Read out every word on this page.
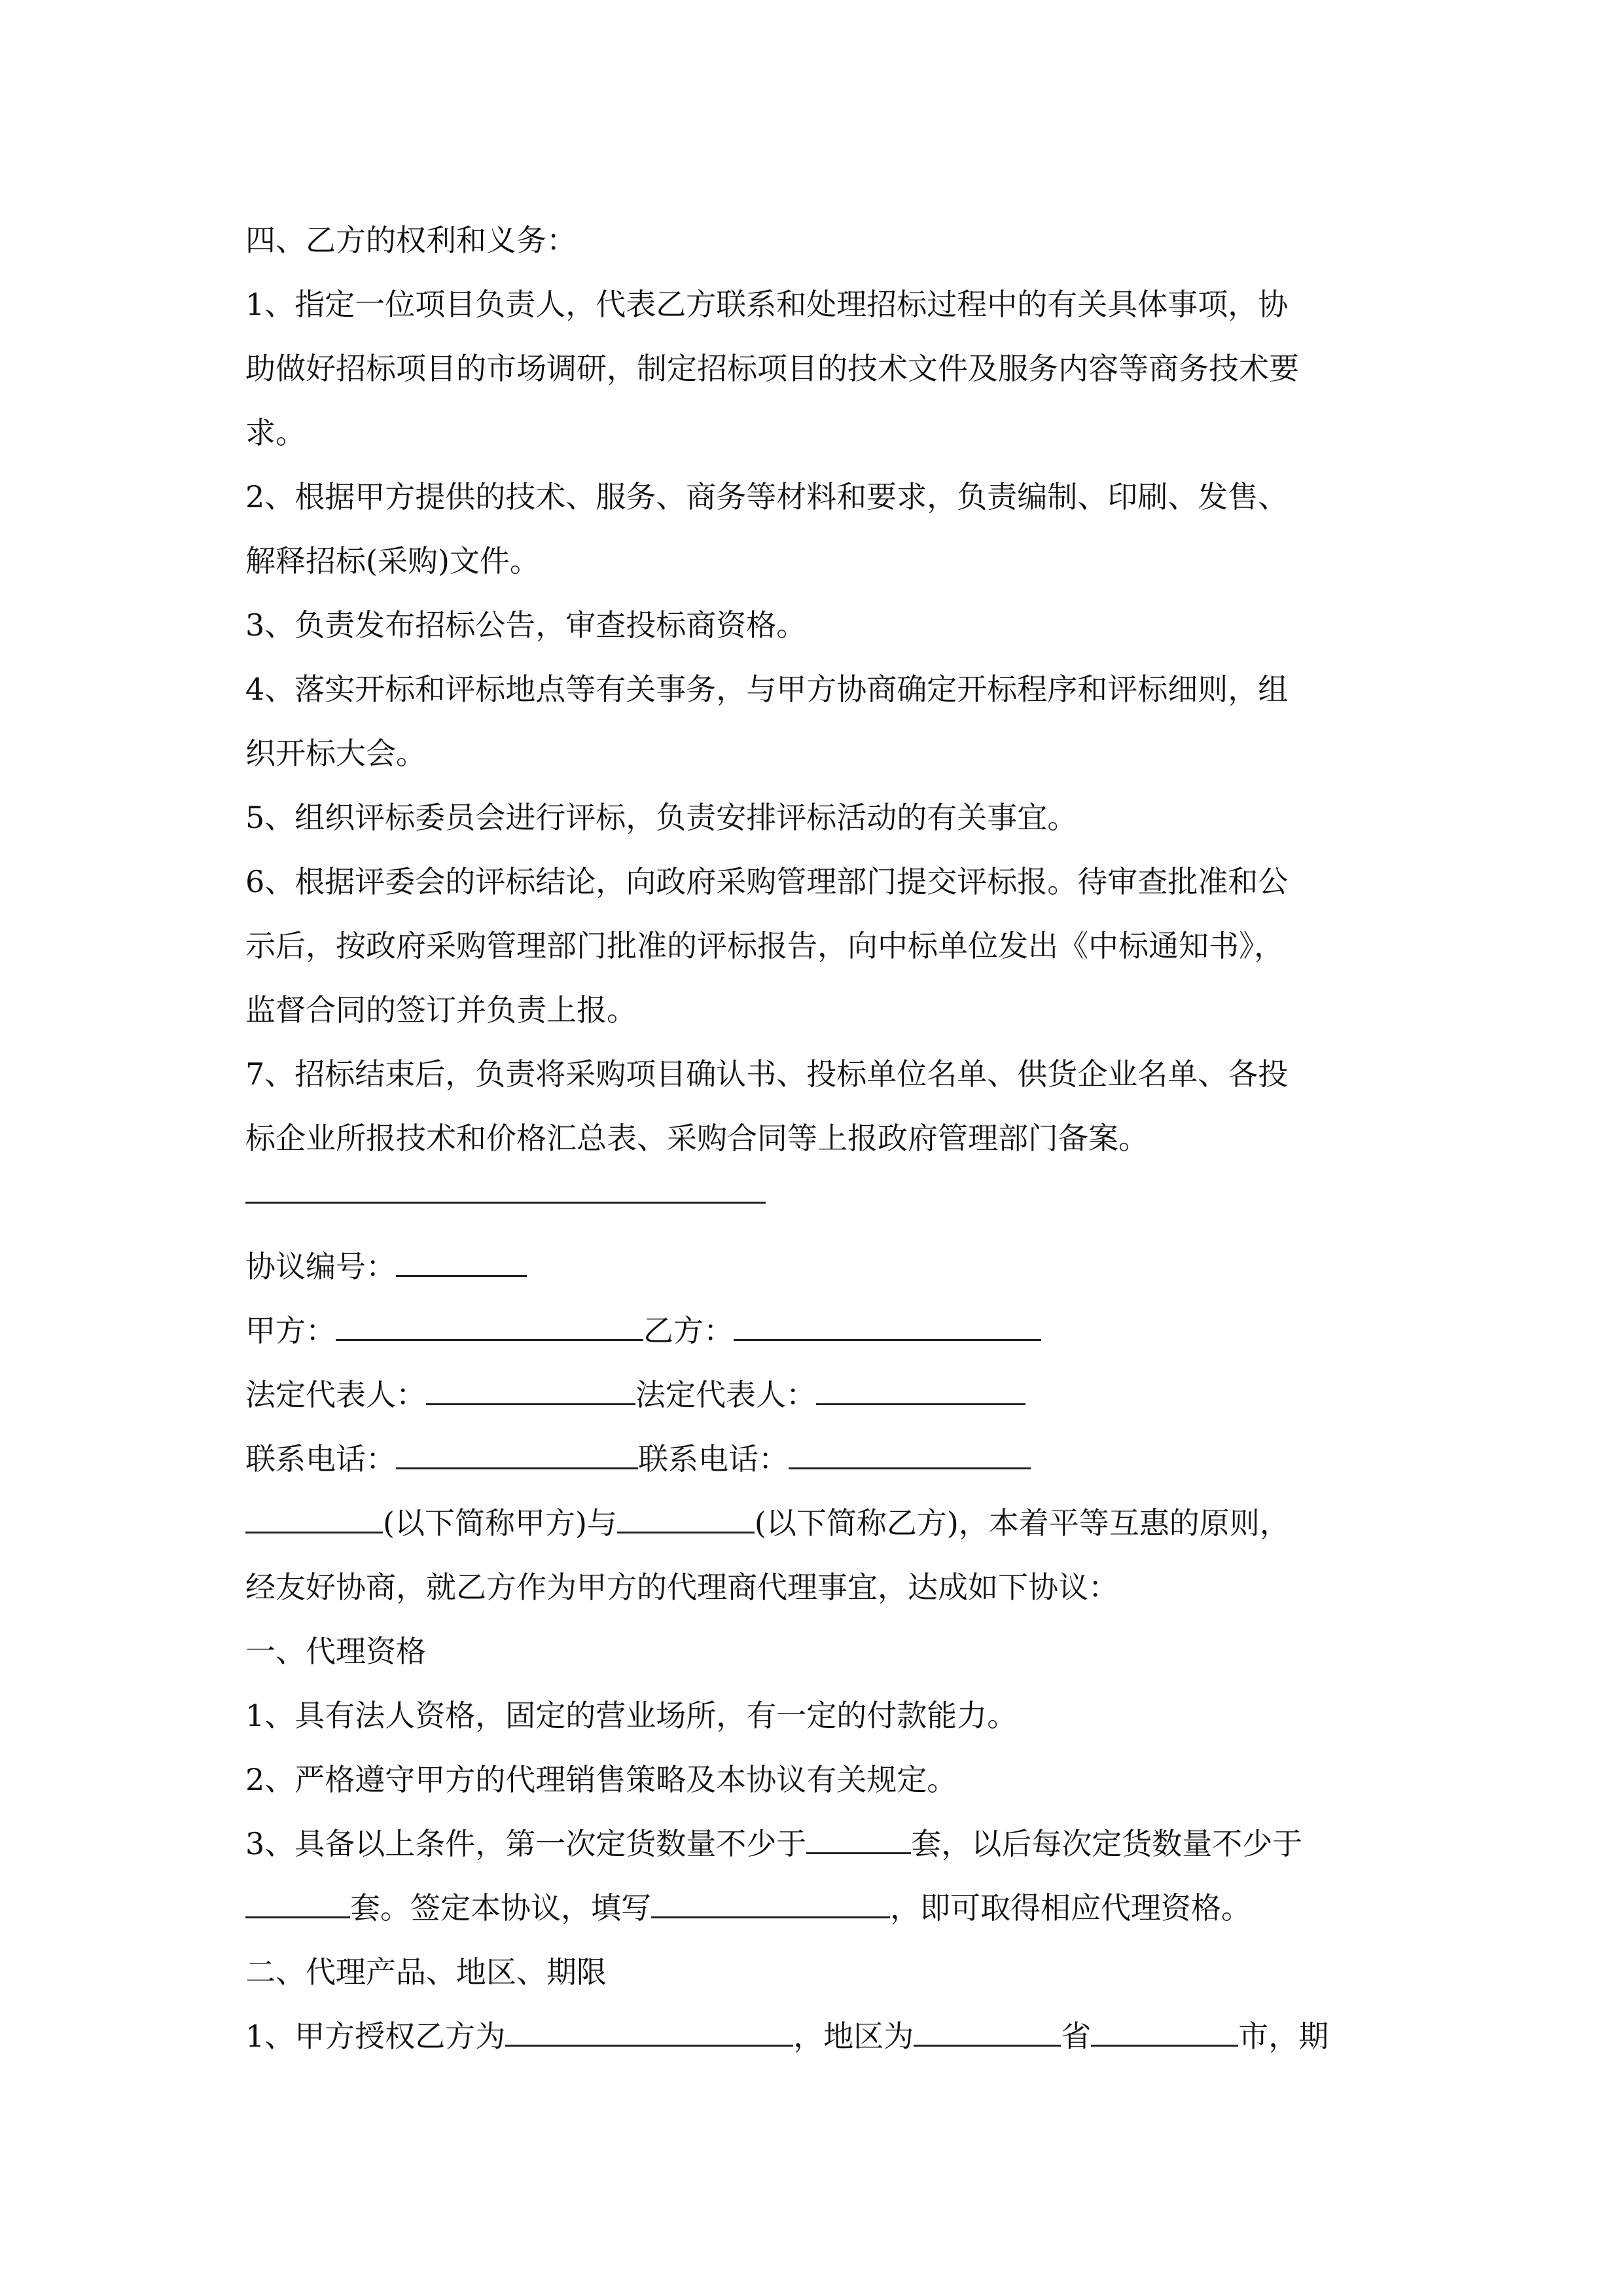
四、乙方的权利和义务：
1、指定一位项目负责人，代表乙方联系和处理招标过程中的有关具体事项，协
助做好招标项目的市场调研，制定招标项目的技术文件及服务内容等商务技术要
求。
2、根据甲方提供的技术、服务、商务等材料和要求，负责编制、印刷、发售、
解释招标(采购)文件。
3、负责发布招标公告，审查投标商资格。
4、落实开标和评标地点等有关事务，与甲方协商确定开标程序和评标细则，组
织开标大会。
5、组织评标委员会进行评标，负责安排评标活动的有关事宜。
6、根据评委会的评标结论，向政府采购管理部门提交评标报。待审查批准和公
示后，按政府采购管理部门批准的评标报告，向中标单位发出《中标通知书》，
监督合同的签订并负责上报。
7、招标结束后，负责将采购项目确认书、投标单位名单、供货企业名单、各投
标企业所报技术和价格汇总表、采购合同等上报政府管理部门备案。
协议编号：
甲方：	乙方：
法定代表人：	法定代表人：
联系电话：	联系电话：
(以下简称甲方)与	(以下简称乙方)，本着平等互惠的原则，
经友好协商，就乙方作为甲方的代理商代理事宜，达成如下协议：
一、代理资格
1、具有法人资格，固定的营业场所，有一定的付款能力。
2、严格遵守甲方的代理销售策略及本协议有关规定。
3、具备以上条件，第一次定货数量不少于	套，以后每次定货数量不少于
套。签定本协议，填写	，即可取得相应代理资格。
二、代理产品、地区、期限
1、甲方授权乙方为	，地区为	省	市，期
